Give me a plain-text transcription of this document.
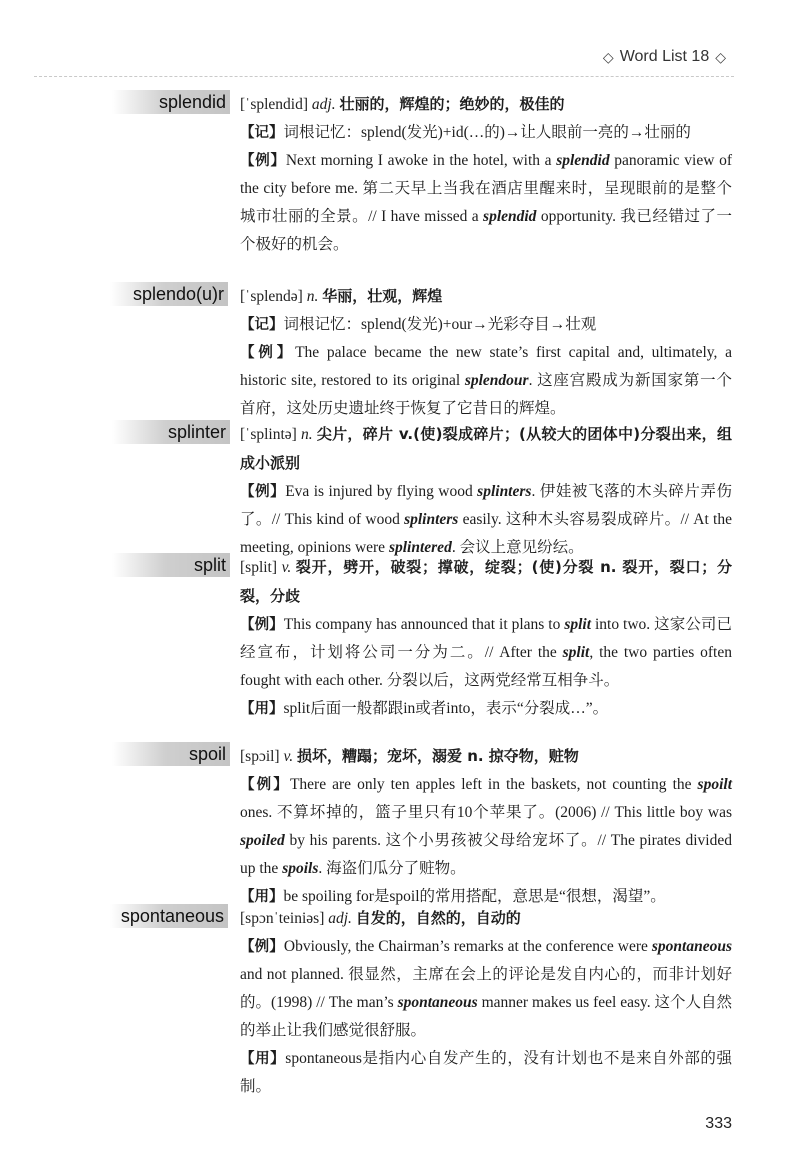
◇ Word List 18 ◇
splendid [ˈsplendid] adj. 壮丽的，辉煌的；绝妙的，极佳的

【记】词根记忆：splend(发光)+id(…的)→让人眼前一亮的→壮丽的

【例】Next morning I awoke in the hotel, with a splendid panoramic view of the city before me. 第二天早上当我在酒店里醒来时，呈现眼前的是整个城市壮丽的全景。// I have missed a splendid opportunity. 我已经错过了一个极好的机会。

splendo(u)r [ˈsplendə] n. 华丽，壮观，辉煌

【记】词根记忆：splend(发光)+our→光彩夺目→壮观

【例】The palace became the new state’s first capital and, ultimately, a historic site, restored to its original splendour. 这座宫殿成为新国家第一个首府，这处历史遗址终于恢复了它昔日的辉煌。

splinter [ˈsplintə] n. 尖片，碎片 v.(使)裂成碎片；(从较大的团体中)分裂出来，组成小派别

【例】Eva is injured by flying wood splinters. 伊娃被飞落的木头碎片弄伤了。// This kind of wood splinters easily. 这种木头容易裂成碎片。// At the meeting, opinions were splintered. 会议上意见纷纭。

split [split] v. 裂开，劈开，破裂；撑破，绽裂；(使)分裂 n. 裂开，裂口；分裂，分歧

【例】This company has announced that it plans to split into two. 这家公司已经宣布，计划将公司一分为二。// After the split, the two parties often fought with each other. 分裂以后，这两党经常互相争斗。

【用】split后面一般都跟in或者into，表示“分裂成…”。

spoil [spɔil] v. 损坏，糟蹋；宠坏，溺爱 n. 掠夺物，赃物

【例】There are only ten apples left in the baskets, not counting the spoilt ones. 不算坏掉的，篮子里只有10个苹果了。(2006) // This little boy was spoiled by his parents. 这个小男孩被父母给宠坏了。// The pirates divided up the spoils. 海盗们瓜分了赃物。

【用】be spoiling for是spoil的常用搭配，意思是“很想，渴望”。

spontaneous [spɔnˈteiniəs] adj. 自发的，自然的，自动的

【例】Obviously, the Chairman’s remarks at the conference were spontaneous and not planned. 很显然，主席在会上的评论是发自内心的，而非计划好的。(1998) // The man’s spontaneous manner makes us feel easy. 这个人自然的举止让我们感觉很舒服。

【用】spontaneous是指内心自发产生的，没有计划也不是来自外部的强制。

333
